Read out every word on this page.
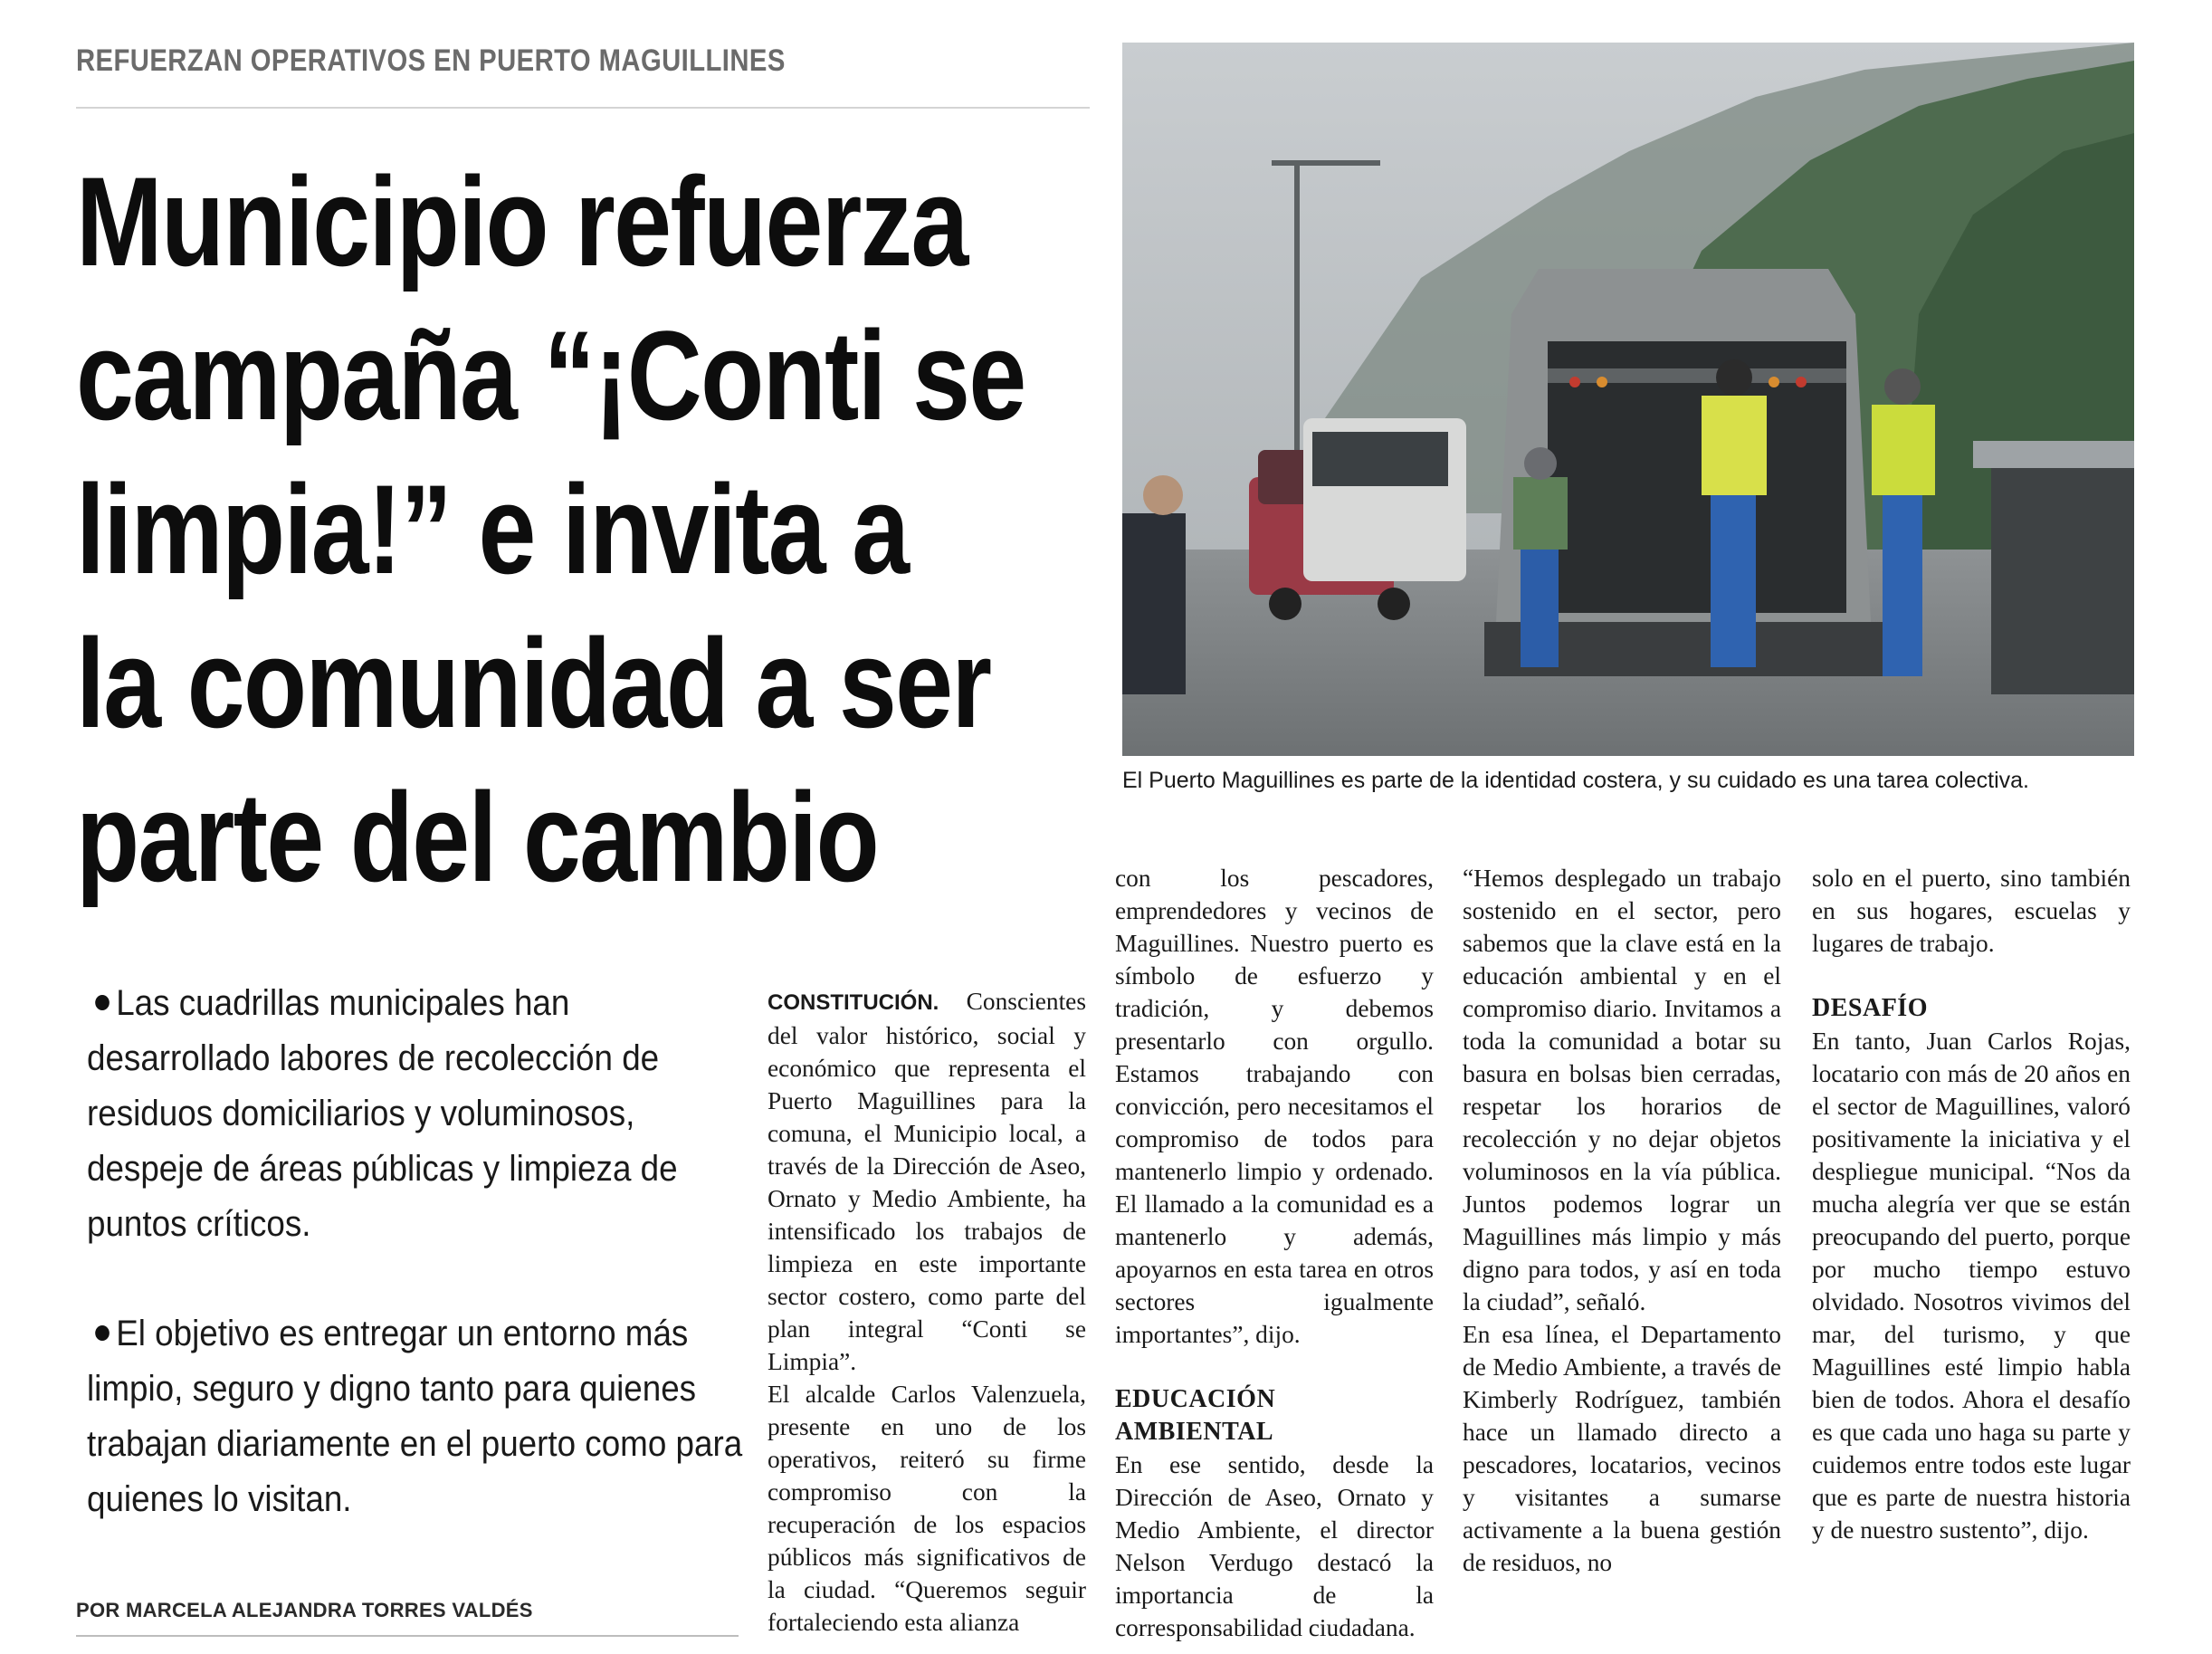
REFUERZAN OPERATIVOS EN PUERTO MAGUILLINES
Municipio refuerza
campaña “¡Conti se
limpia!” e invita a
la comunidad a ser
parte del cambio	El Puerto Maguillines es parte de la identidad costera, y su cuidado es una tarea colectiva.

Las cuadrillas municipales han desarrollado labores de recolección de residuos domiciliarios y voluminosos, despeje de áreas públicas y limpieza de puntos críticos.

El objetivo es entregar un entorno más limpio, seguro y digno tanto para quienes trabajan diariamente en el puerto como para quienes lo visitan.

POR MARCELA ALEJANDRA TORRES VALDÉS

CONSTITUCIÓN. Conscientes del valor histórico, social y económico que representa el Puerto Maguillines para la comuna, el Municipio local, a través de la Dirección de Aseo, Ornato y Medio Ambiente, ha intensificado los trabajos de limpieza en este importante sector costero, como parte del plan integral “Conti se Limpia”.

El alcalde Carlos Valenzuela, presente en uno de los operativos, reiteró su firme compromiso con la recuperación de los espacios públicos más significativos de la ciudad. “Queremos seguir fortaleciendo esta alianza

con los pescadores, emprendedores y vecinos de Maguillines. Nuestro puerto es símbolo de esfuerzo y tradición, y debemos presentarlo con orgullo. Estamos trabajando con convicción, pero necesitamos el compromiso de todos para mantenerlo limpio y ordenado. El llamado a la comunidad es a mantenerlo y además, apoyarnos en esta tarea en otros sectores igualmente importantes”, dijo.

EDUCACIÓN AMBIENTAL

En ese sentido, desde la Dirección de Aseo, Ornato y Medio Ambiente, el director Nelson Verdugo destacó la importancia de la corresponsabilidad ciudadana.

“Hemos desplegado un trabajo sostenido en el sector, pero sabemos que la clave está en la educación ambiental y en el compromiso diario. Invitamos a toda la comunidad a botar su basura en bolsas bien cerradas, respetar los horarios de recolección y no dejar objetos voluminosos en la vía pública. Juntos podemos lograr un Maguillines más limpio y más digno para todos, y así en toda la ciudad”, señaló.

En esa línea, el Departamento de Medio Ambiente, a través de Kimberly Rodríguez, también hace un llamado directo a pescadores, locatarios, vecinos y visitantes a sumarse activamente a la buena gestión de residuos, no

solo en el puerto, sino también en sus hogares, escuelas y lugares de trabajo.

DESAFÍO

En tanto, Juan Carlos Rojas, locatario con más de 20 años en el sector de Maguillines, valoró positivamente la iniciativa y el despliegue municipal. “Nos da mucha alegría ver que se están preocupando del puerto, porque por mucho tiempo estuvo olvidado. Nosotros vivimos del mar, del turismo, y que Maguillines esté limpio habla bien de todos. Ahora el desafío es que cada uno haga su parte y cuidemos entre todos este lugar que es parte de nuestra historia y de nuestro sustento”, dijo.
